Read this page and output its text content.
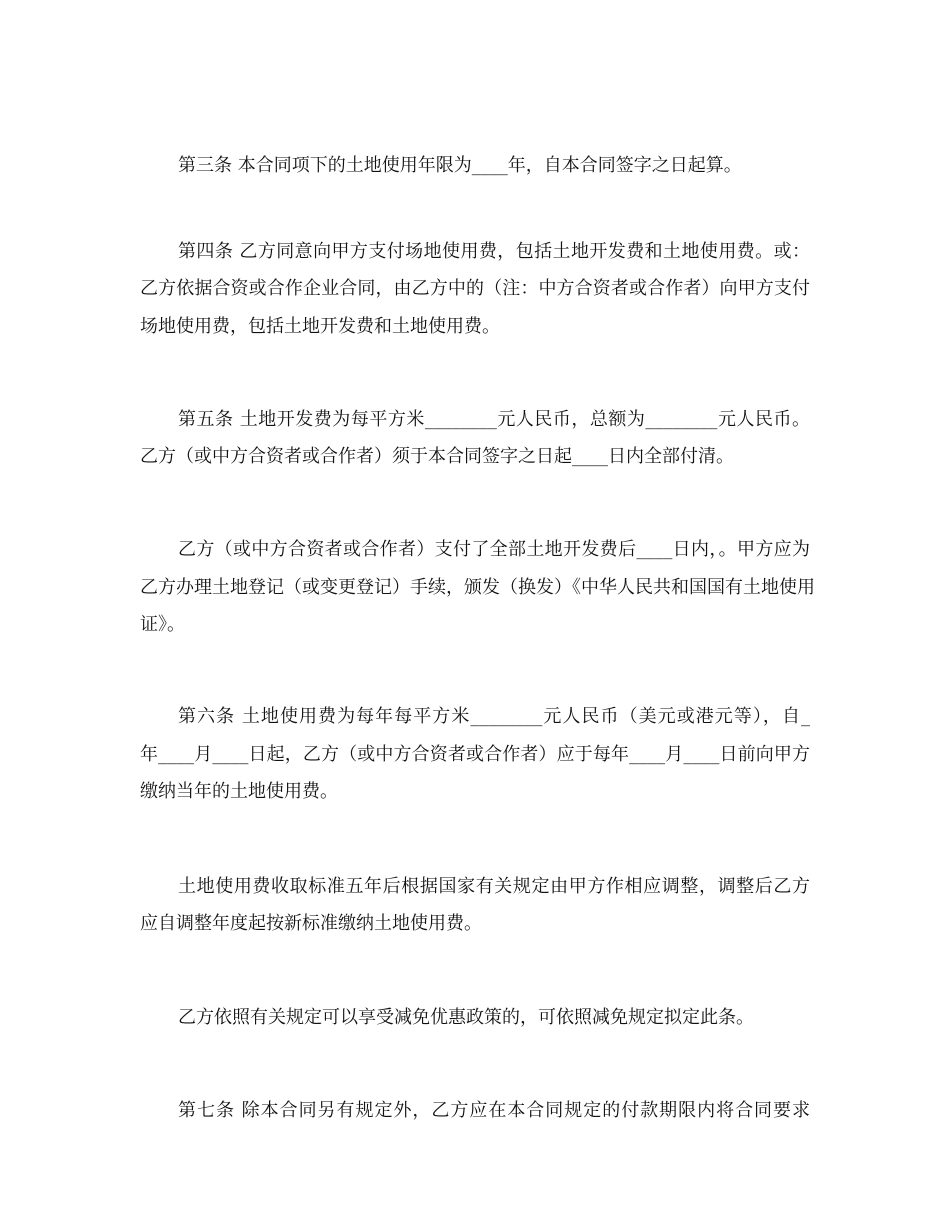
第三条 本合同项下的土地使用年限为____年，自本合同签字之日起算。
第四条 乙方同意向甲方支付场地使用费，包括土地开发费和土地使用费。或：
乙方依据合资或合作企业合同，由乙方中的（注：中方合资者或合作者）向甲方支付
场地使用费，包括土地开发费和土地使用费。
第五条 土地开发费为每平方米________元人民币，总额为________元人民币。
乙方（或中方合资者或合作者）须于本合同签字之日起____日内全部付清。
乙方（或中方合资者或合作者）支付了全部土地开发费后____日内，。甲方应为
乙方办理土地登记（或变更登记）手续，颁发（换发）《中华人民共和国国有土地使用
证》。
第六条 土地使用费为每年每平方米________元人民币（美元或港元等），自_
年____月____日起，乙方（或中方合资者或合作者）应于每年____月____日前向甲方
缴纳当年的土地使用费。
土地使用费收取标准五年后根据国家有关规定由甲方作相应调整，调整后乙方
应自调整年度起按新标准缴纳土地使用费。
乙方依照有关规定可以享受减免优惠政策的，可依照减免规定拟定此条。
第七条 除本合同另有规定外，乙方应在本合同规定的付款期限内将合同要求
